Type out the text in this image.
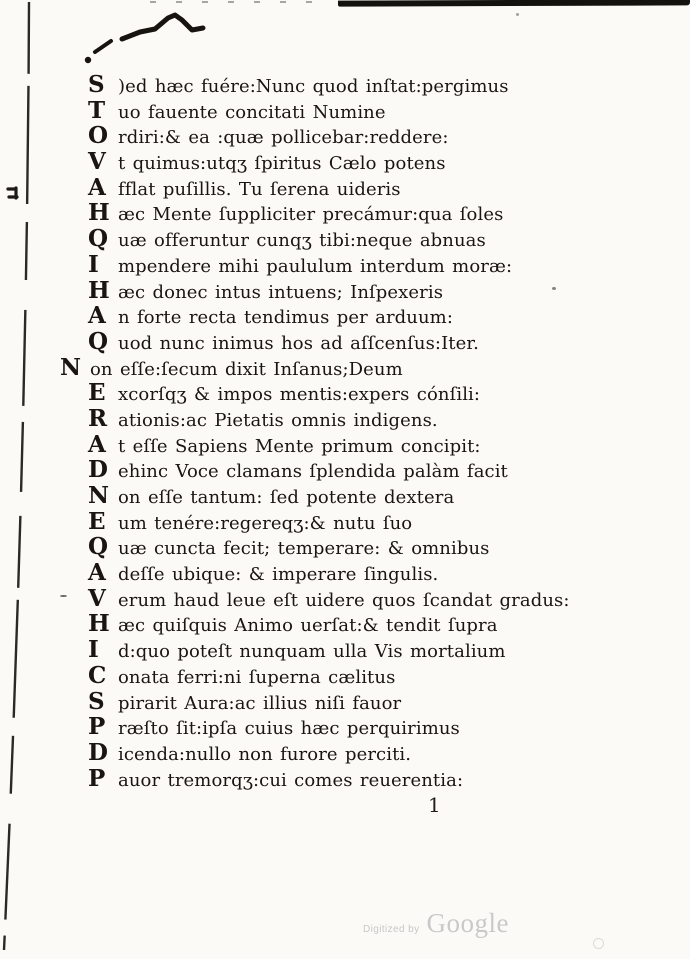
S )ed hæc fuére:Nunc quod inſtat:pergimus
T uo fauente concitati Numine
O rdiri:& ea :quæ pollicebar:reddere:
V t quimus:utqʒ ſpiritus Cælo potens
A fflat puſillis. Tu ſerena uideris
H æc Mente ſuppliciter precámur:qua ſoles
Q uæ offeruntur cunqʒ tibi:neque abnuas
I	mpendere mihi paululum interdum moræ:
H æc donec intus intuens; Inſpexeris
A n forte recta tendimus per arduum:
Q uod nunc inimus hos ad aſſcenſus:Iter.
N on eſſe:ſecum dixit Inſanus;Deum
E xcorſqʒ & impos mentis:expers cónſili:
R ationis:ac Pietatis omnis indigens.
A t eſſe Sapiens Mente primum concipit:
D ehinc Voce clamans ſplendida palàm facit
N on eſſe tantum: ſed potente dextera
E um tenére:regereqʒ:& nutu ſuo
Q uæ cuncta fecit; temperare: & omnibus
A deſſe ubique: & imperare ſingulis.
V erum haud leue eſt uidere quos ſcandat gradus:
H æc quiſquis Animo uerſat:& tendit ſupra
I	d:quo poteſt nunquam ulla Vis mortalium
C onata ferri:ni ſuperna cælitus
S pirarit Aura:ac illius niſi fauor
P ræſto ſit:ipſa cuius hæc perquirimus
D icenda:nullo non furore perciti.
P auor tremorqʒ:cui comes reuerentia:
1
Digitized by Google
